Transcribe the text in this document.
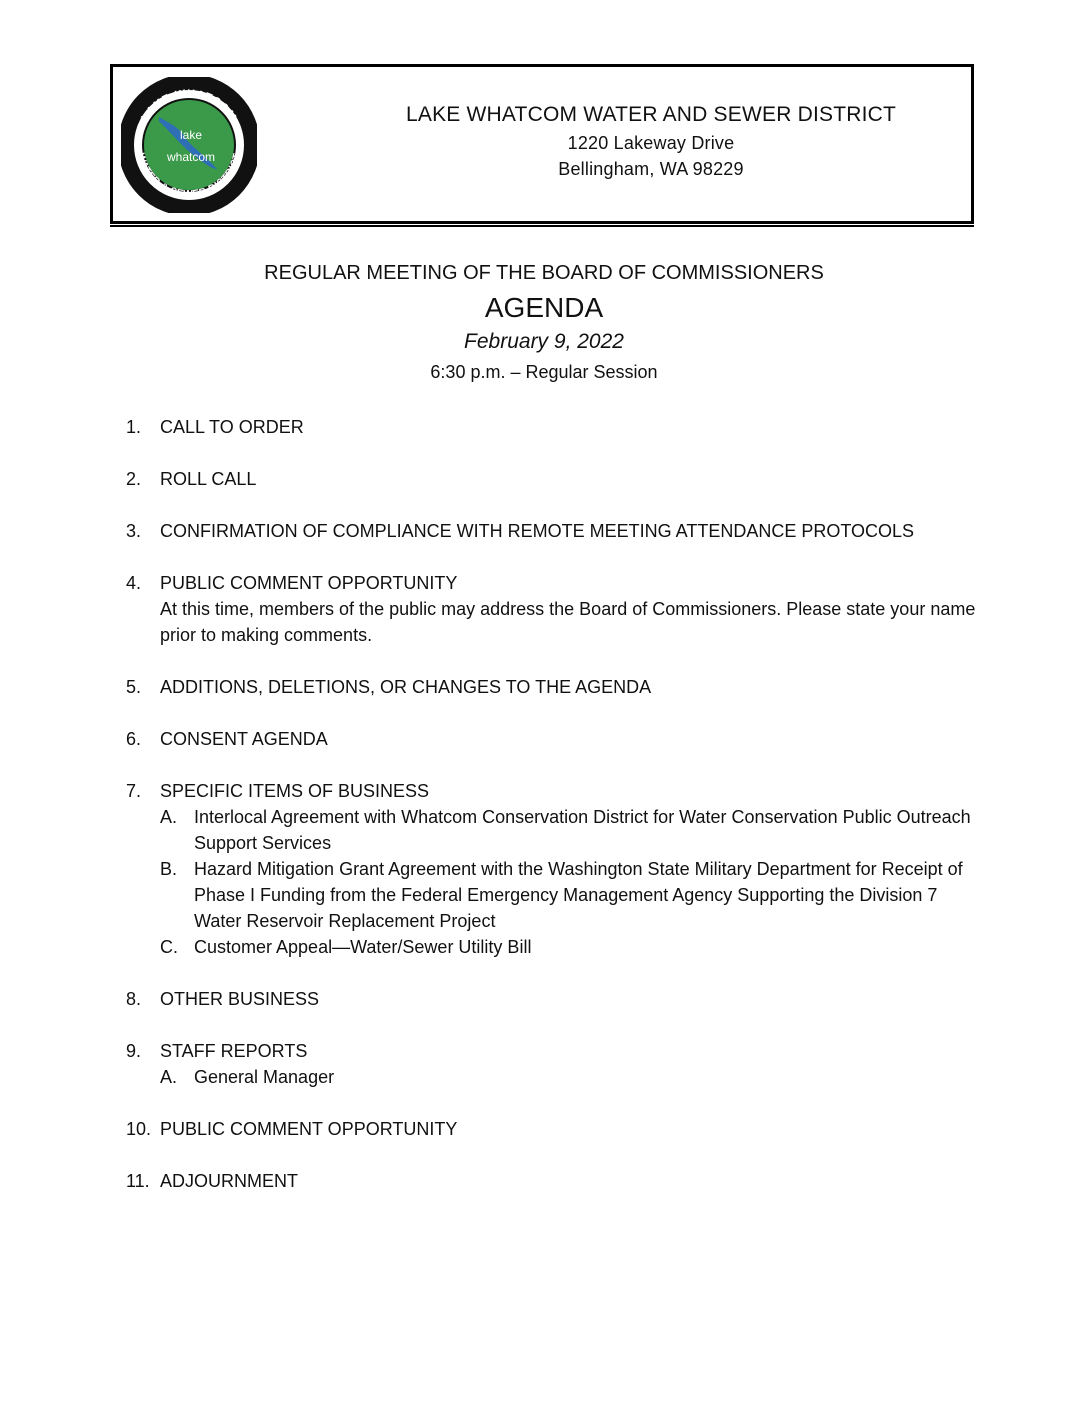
LAKE WHATCOM
WATER & SEWER DISTRICT
lake
whatcom
LAKE WHATCOM WATER AND SEWER DISTRICT
1220 Lakeway Drive
Bellingham, WA 98229
REGULAR MEETING OF THE BOARD OF COMMISSIONERS
AGENDA
February 9, 2022
6:30 p.m. – Regular Session
1. CALL TO ORDER
2. ROLL CALL
3. CONFIRMATION OF COMPLIANCE WITH REMOTE MEETING ATTENDANCE PROTOCOLS
4. PUBLIC COMMENT OPPORTUNITY
At this time, members of the public may address the Board of Commissioners. Please state your name prior to making comments.
5. ADDITIONS, DELETIONS, OR CHANGES TO THE AGENDA
6. CONSENT AGENDA
7. SPECIFIC ITEMS OF BUSINESS
A. Interlocal Agreement with Whatcom Conservation District for Water Conservation Public Outreach Support Services
B. Hazard Mitigation Grant Agreement with the Washington State Military Department for Receipt of Phase I Funding from the Federal Emergency Management Agency Supporting the Division 7 Water Reservoir Replacement Project
C. Customer Appeal—Water/Sewer Utility Bill
8. OTHER BUSINESS
9. STAFF REPORTS
A. General Manager
10. PUBLIC COMMENT OPPORTUNITY
11. ADJOURNMENT
